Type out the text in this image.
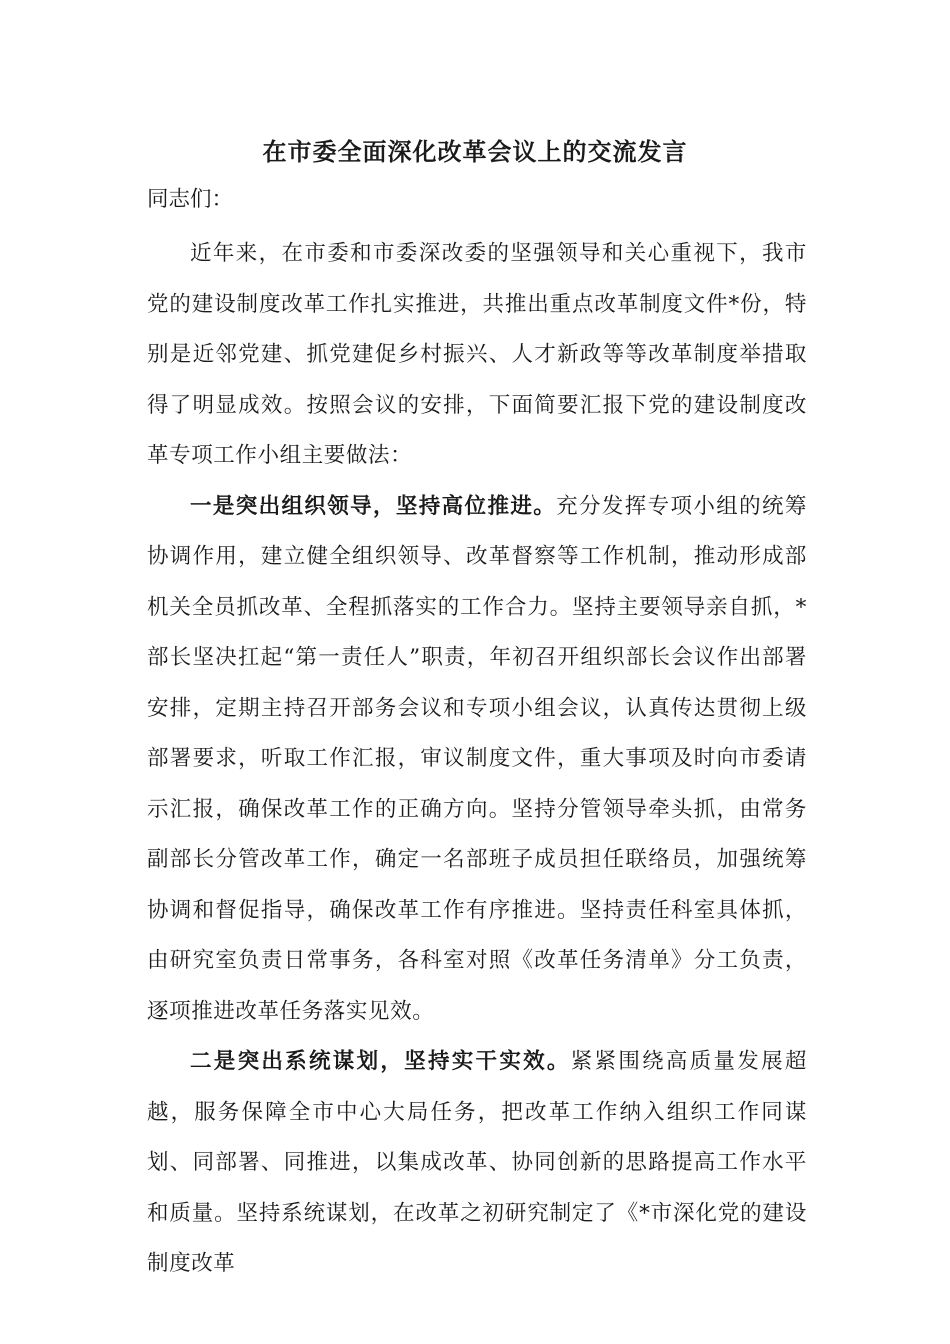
在市委全面深化改革会议上的交流发言

同志们：

近年来，在市委和市委深改委的坚强领导和关心重视下，我市党的建设制度改革工作扎实推进，共推出重点改革制度文件*份，特别是近邻党建、抓党建促乡村振兴、人才新政等等改革制度举措取得了明显成效。按照会议的安排，下面简要汇报下党的建设制度改革专项工作小组主要做法：

一是突出组织领导，坚持高位推进。充分发挥专项小组的统筹协调作用，建立健全组织领导、改革督察等工作机制，推动形成部机关全员抓改革、全程抓落实的工作合力。坚持主要领导亲自抓，*部长坚决扛起“第一责任人”职责，年初召开组织部长会议作出部署安排，定期主持召开部务会议和专项小组会议，认真传达贯彻上级部署要求，听取工作汇报，审议制度文件，重大事项及时向市委请示汇报，确保改革工作的正确方向。坚持分管领导牵头抓，由常务副部长分管改革工作，确定一名部班子成员担任联络员，加强统筹协调和督促指导，确保改革工作有序推进。坚持责任科室具体抓，由研究室负责日常事务，各科室对照《改革任务清单》分工负责，逐项推进改革任务落实见效。

二是突出系统谋划，坚持实干实效。紧紧围绕高质量发展超越，服务保障全市中心大局任务，把改革工作纳入组织工作同谋划、同部署、同推进，以集成改革、协同创新的思路提高工作水平和质量。坚持系统谋划，在改革之初研究制定了《*市深化党的建设制度改革
